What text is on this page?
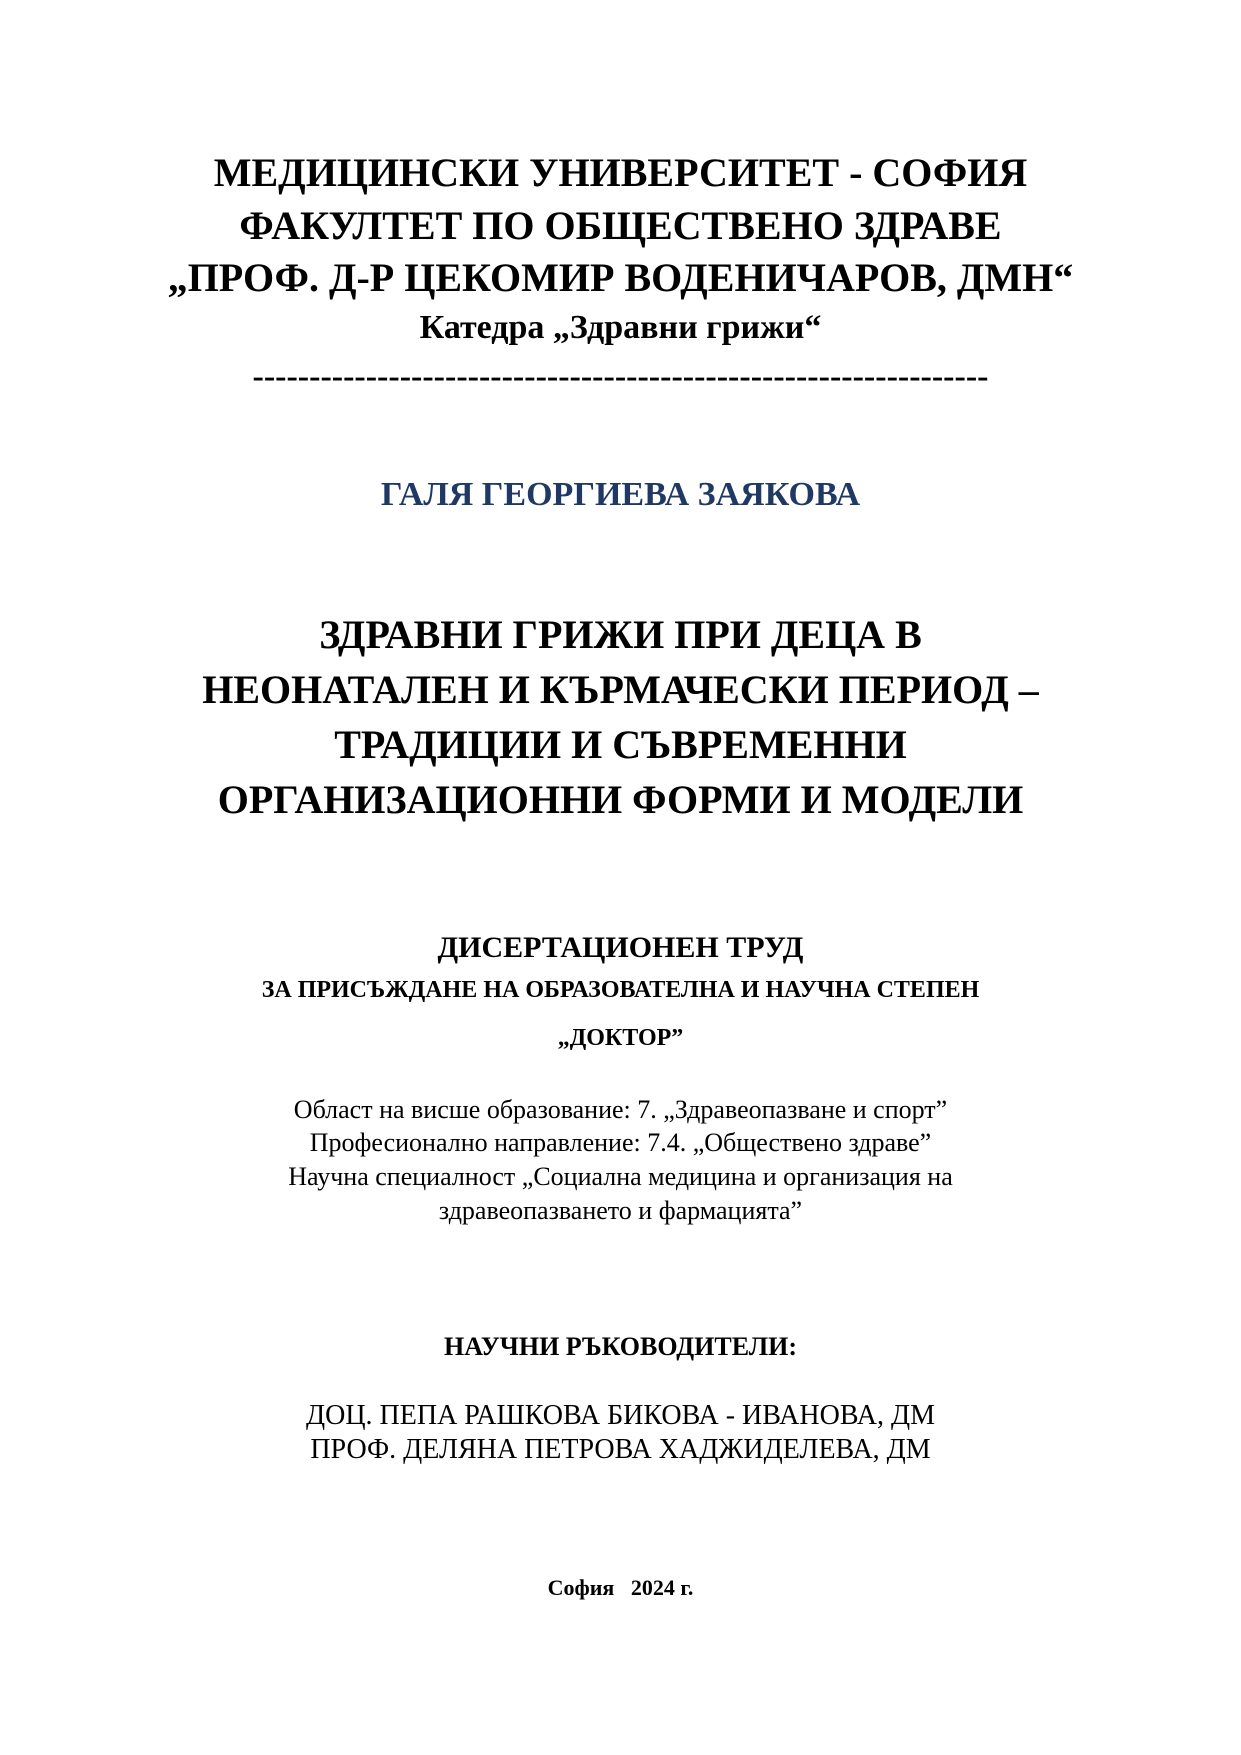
МЕДИЦИНСКИ УНИВЕРСИТЕТ - СОФИЯ
ФАКУЛТЕТ ПО ОБЩЕСТВЕНО ЗДРАВЕ
„ПРОФ. Д-Р ЦЕКОМИР ВОДЕНИЧАРОВ, ДМН“
Катедра „Здравни грижи“
-----------------------------------------------------------------
ГАЛЯ ГЕОРГИЕВА ЗАЯКОВА
ЗДРАВНИ ГРИЖИ ПРИ ДЕЦА В
НЕОНАТАЛЕН И КЪРМАЧЕСКИ ПЕРИОД –
ТРАДИЦИИ И СЪВРЕМЕННИ
ОРГАНИЗАЦИОННИ ФОРМИ И МОДЕЛИ
ДИСЕРТАЦИОНЕН ТРУД
ЗА ПРИСЪЖДАНЕ НА ОБРАЗОВАТЕЛНА И НАУЧНА СТЕПЕН
„ДОКТОР”
Област на висше образование: 7. „Здравеопазване и спорт”
Професионално направление: 7.4. „Обществено здраве”
Научна специалност „Социална медицина и организация на
здравеопазването и фармацията”
НАУЧНИ РЪКОВОДИТЕЛИ:
ДОЦ. ПЕПА РАШКОВА БИКОВА - ИВАНОВА, ДМ
ПРОФ. ДЕЛЯНА ПЕТРОВА ХАДЖИДЕЛЕВА, ДМ
София   2024 г.
